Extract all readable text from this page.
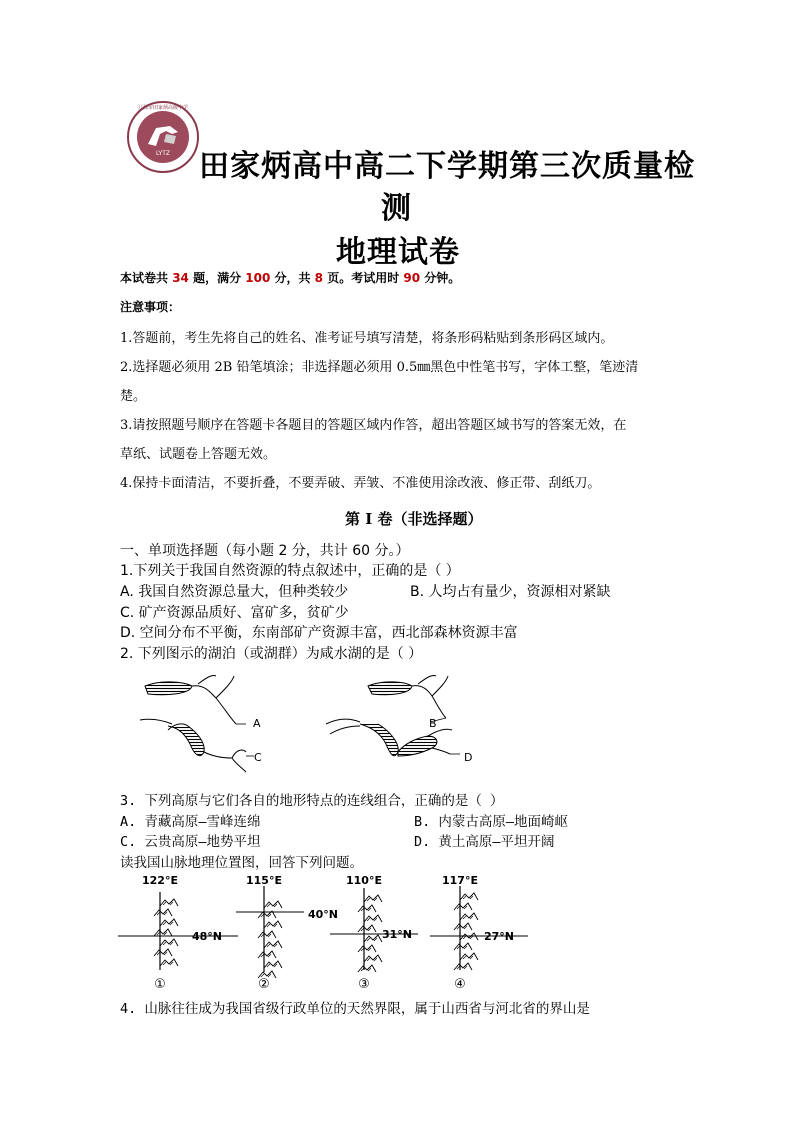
LYTZ
辽源市田家炳高级中学
田家炳高中高二下学期第三次质量检
测
地理试卷
本试卷共 34 题，满分 100 分，共 8 页。考试用时 90 分钟。
注意事项：
1.答题前，考生先将自己的姓名、准考证号填写清楚，将条形码粘贴到条形码区域内。
2.选择题必须用 2B 铅笔填涂；非选择题必须用 0.5㎜黑色中性笔书写，字体工整，笔迹清
楚。
3.请按照题号顺序在答题卡各题目的答题区域内作答，超出答题区域书写的答案无效，在
草纸、试题卷上答题无效。
4.保持卡面清洁，不要折叠，不要弄破、弄皱、不准使用涂改液、修正带、刮纸刀。
第 I 卷（非选择题）
一、单项选择题（每小题 2 分，共计 60 分。）
1.下列关于我国自然资源的特点叙述中，正确的是（ ）
A. 我国自然资源总量大，但种类较少	B. 人均占有量少，资源相对紧缺
C. 矿产资源品质好、富矿多，贫矿少
D. 空间分布不平衡，东南部矿产资源丰富，西北部森林资源丰富
2. 下列图示的湖泊（或湖群）为咸水湖的是（ ）
A
C
B
D
3. 下列高原与它们各自的地形特点的连线组合，正确的是（ ）
A. 青藏高原—雪峰连绵	B. 内蒙古高原—地面崎岖
C. 云贵高原—地势平坦	D. 黄土高原—平坦开阔
读我国山脉地理位置图，回答下列问题。
122°E
48°N
①
115°E
40°N
②
110°E
31°N
③
117°E
27°N
④
4. 山脉往往成为我国省级行政单位的天然界限，属于山西省与河北省的界山是
